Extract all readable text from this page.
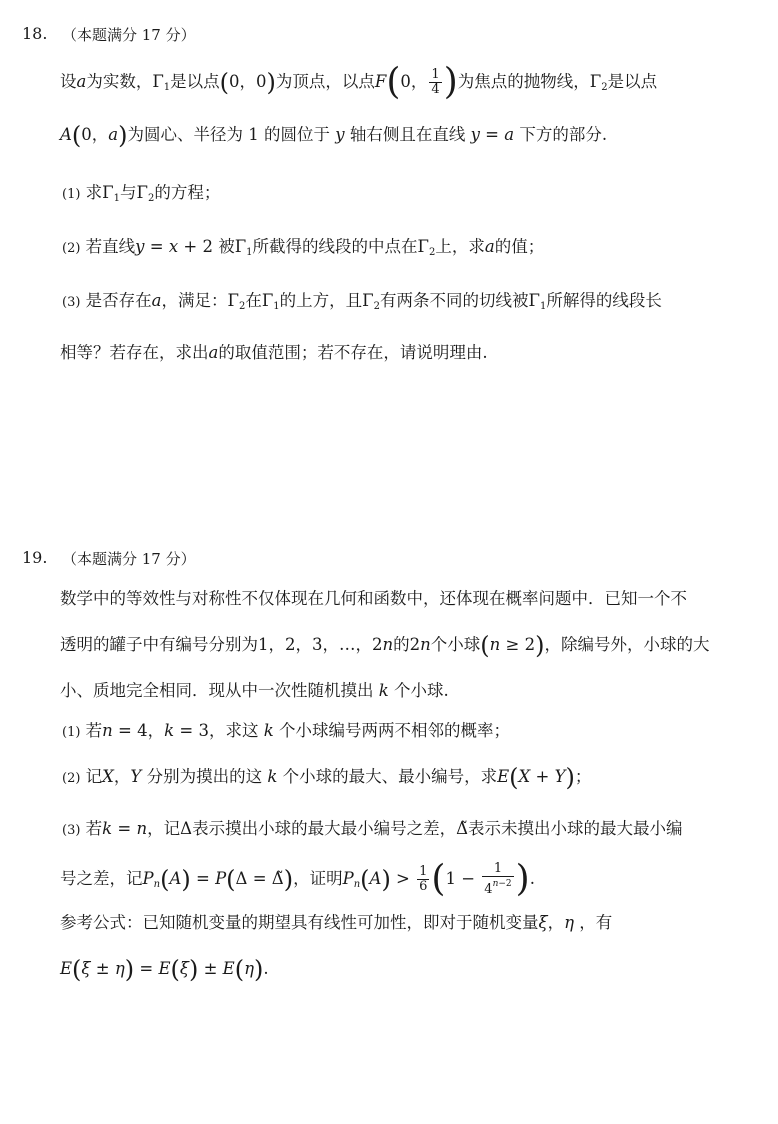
18. （本题满分 17 分）
设a为实数，Γ1是以点(0，0)为顶点，以点F(0， $\frac{1}{4}$ )为焦点的抛物线，Γ2是以点
A(0，a)为圆心、半径为 1 的圆位于 y 轴右侧且在直线 y = a 下方的部分.
(1) 求Γ1与Γ2的方程；
(2) 若直线y = x + 2 被Γ1所截得的线段的中点在Γ2上，求a的值；
(3) 是否存在a，满足：Γ2在Γ1的上方，且Γ2有两条不同的切线被Γ1所解得的线段长
相等？若存在，求出a的取值范围；若不存在，请说明理由.
19. （本题满分 17 分）
数学中的等效性与对称性不仅体现在几何和函数中，还体现在概率问题中．已知一个不
透明的罐子中有编号分别为1，2，3，…，2n的2n个小球(n ≥ 2)，除编号外，小球的大
小、质地完全相同．现从中一次性随机摸出 k 个小球.
(1) 若n = 4，k = 3，求这 k 个小球编号两两不相邻的概率；
(2) 记X，Y 分别为摸出的这 k 个小球的最大、最小编号，求E(X + Y)；
(3) 若k = n，记Δ表示摸出小球的最大最小编号之差，Δ̃表示未摸出小球的最大最小编
号之差，记Pn(A) = P(Δ = Δ̃)，证明$Pn(A) > \frac{1}{6} (1 - \frac{1}{4^{n-2}}$ ).
参考公式：已知随机变量的期望具有线性可加性，即对于随机变量ξ，η ，有
E(ξ ± η) = E(ξ) ± E(η).
